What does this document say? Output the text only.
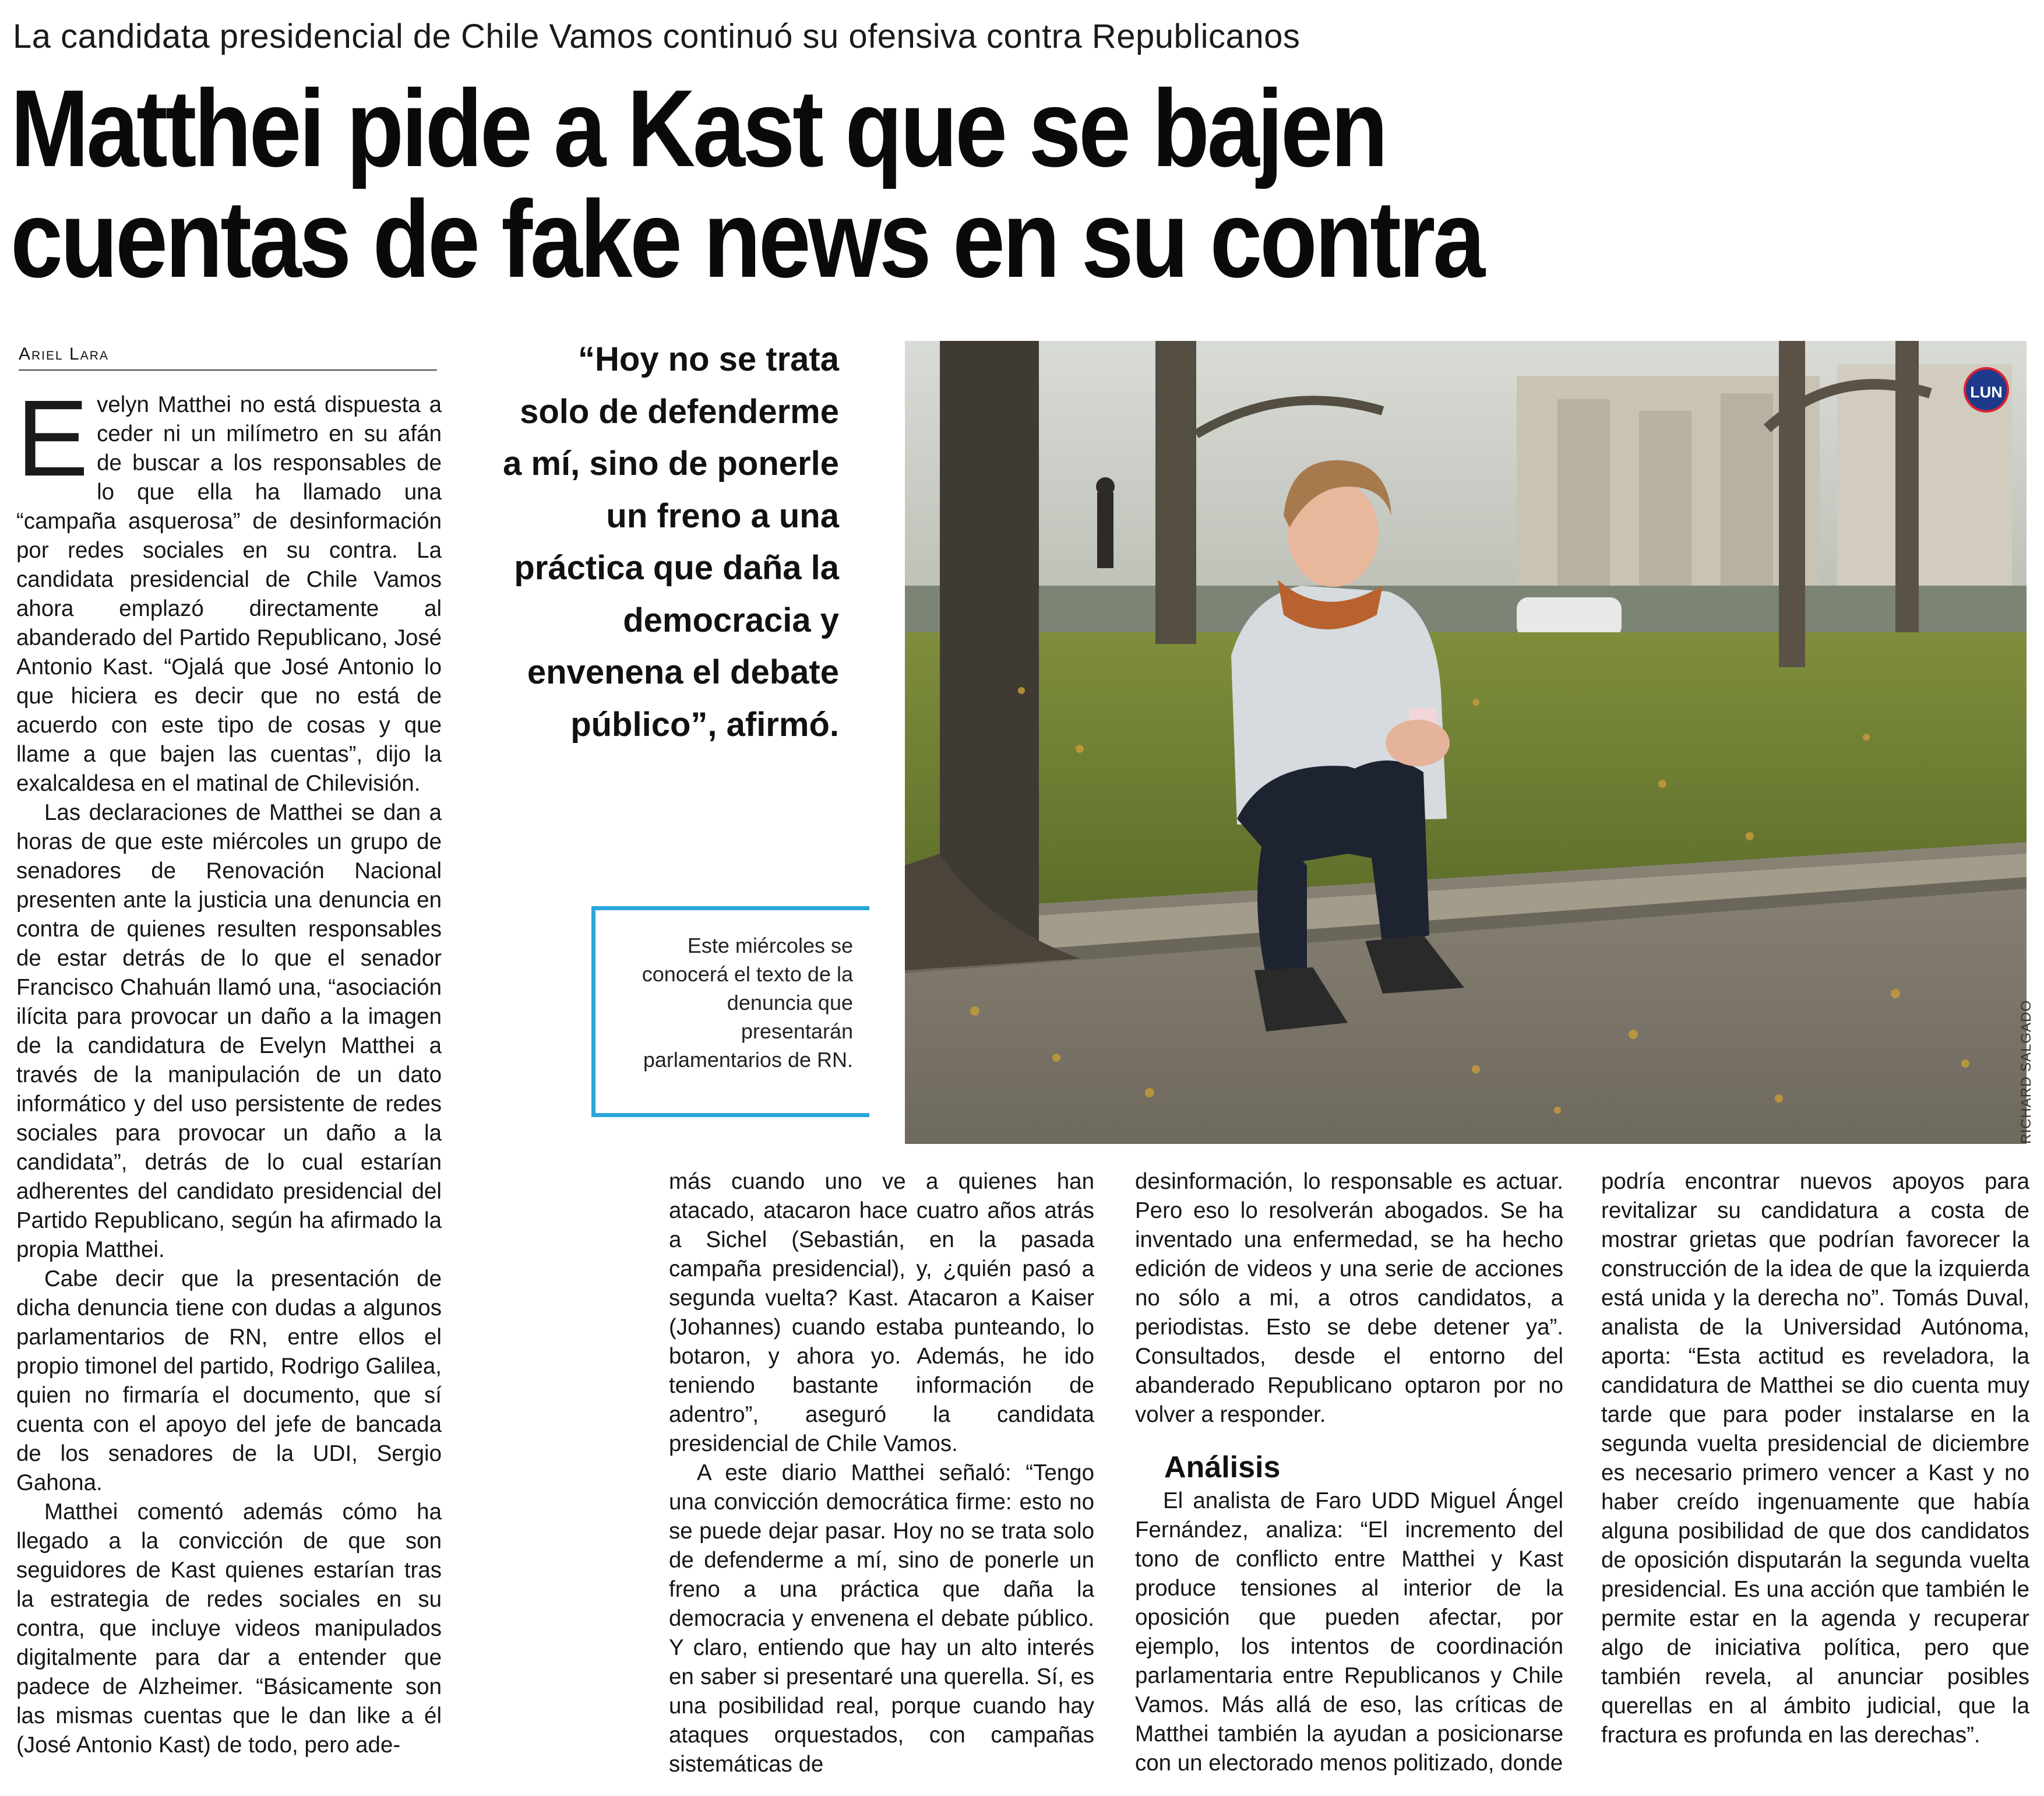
La candidata presidencial de Chile Vamos continuó su ofensiva contra Republicanos
Matthei pide a Kast que se bajen
cuentas de fake news en su contra
Ariel Lara

Evelyn Matthei no está dispuesta a ceder ni un milímetro en su afán de buscar a los responsables de lo que ella ha llamado una “campaña asquerosa” de desinformación por redes sociales en su contra. La candidata presidencial de Chile Vamos ahora emplazó directamente al abanderado del Partido Republicano, José Antonio Kast. “Ojalá que José Antonio lo que hiciera es decir que no está de acuerdo con este tipo de cosas y que llame a que bajen las cuentas”, dijo la exalcaldesa en el matinal de Chilevisión.

Las declaraciones de Matthei se dan a horas de que este miércoles un grupo de senadores de Renovación Nacional presenten ante la justicia una denuncia en contra de quienes resulten responsables de estar detrás de lo que el senador Francisco Chahuán llamó una, “asociación ilícita para provocar un daño a la imagen de la candidatura de Evelyn Matthei a través de la manipulación de un dato informático y del uso persistente de redes sociales para provocar un daño a la candidata”, detrás de lo cual estarían adherentes del candidato presidencial del Partido Republicano, según ha afirmado la propia Matthei.

Cabe decir que la presentación de dicha denuncia tiene con dudas a algunos parlamentarios de RN, entre ellos el propio timonel del partido, Rodrigo Galilea, quien no firmaría el documento, que sí cuenta con el apoyo del jefe de bancada de los senadores de la UDI, Sergio Gahona.

Matthei comentó además cómo ha llegado a la convicción de que son seguidores de Kast quienes estarían tras la estrategia de redes sociales en su contra, que incluye videos manipulados digitalmente para dar a entender que padece de Alzheimer. “Básicamente son las mismas cuentas que le dan like a él (José Antonio Kast) de todo, pero ade-

“Hoy no se trata solo de defenderme a mí, sino de ponerle un freno a una práctica que daña la democracia y envenena el debate público”, afirmó.
Este miércoles se conocerá el texto de la denuncia que presentarán parlamentarios de RN.
LUN
RICHARD SALGADO

más cuando uno ve a quienes han atacado, atacaron hace cuatro años atrás a Sichel (Sebastián, en la pasada campaña presidencial), y, ¿quién pasó a segunda vuelta? Kast. Atacaron a Kaiser (Johannes) cuando estaba punteando, lo botaron, y ahora yo. Además, he ido teniendo bastante información de adentro”, aseguró la candidata presidencial de Chile Vamos.

A este diario Matthei señaló: “Tengo una convicción democrática firme: esto no se puede dejar pasar. Hoy no se trata solo de defenderme a mí, sino de ponerle un freno a una práctica que daña la democracia y envenena el debate público. Y claro, entiendo que hay un alto interés en saber si presentaré una querella. Sí, es una posibilidad real, porque cuando hay ataques orquestados, con campañas sistemáticas de

desinformación, lo responsable es actuar. Pero eso lo resolverán abogados. Se ha inventado una enfermedad, se ha hecho edición de videos y una serie de acciones no sólo a mi, a otros candidatos, a periodistas. Esto se debe detener ya”. Consultados, desde el entorno del abanderado Republicano optaron por no volver a responder.

Análisis

El analista de Faro UDD Miguel Ángel Fernández, analiza: “El incremento del tono de conflicto entre Matthei y Kast produce tensiones al interior de la oposición que pueden afectar, por ejemplo, los intentos de coordinación parlamentaria entre Republicanos y Chile Vamos. Más allá de eso, las críticas de Matthei también la ayudan a posicionarse con un electorado menos politizado, donde

podría encontrar nuevos apoyos para revitalizar su candidatura a costa de mostrar grietas que podrían favorecer la construcción de la idea de que la izquierda está unida y la derecha no”. Tomás Duval, analista de la Universidad Autónoma, aporta: “Esta actitud es reveladora, la candidatura de Matthei se dio cuenta muy tarde que para poder instalarse en la segunda vuelta presidencial de diciembre es necesario primero vencer a Kast y no haber creído ingenuamente que había alguna posibilidad de que dos candidatos de oposición disputarán la segunda vuelta presidencial. Es una acción que también le permite estar en la agenda y recuperar algo de iniciativa política, pero que también revela, al anunciar posibles querellas en al ámbito judicial, que la fractura es profunda en las derechas”.
